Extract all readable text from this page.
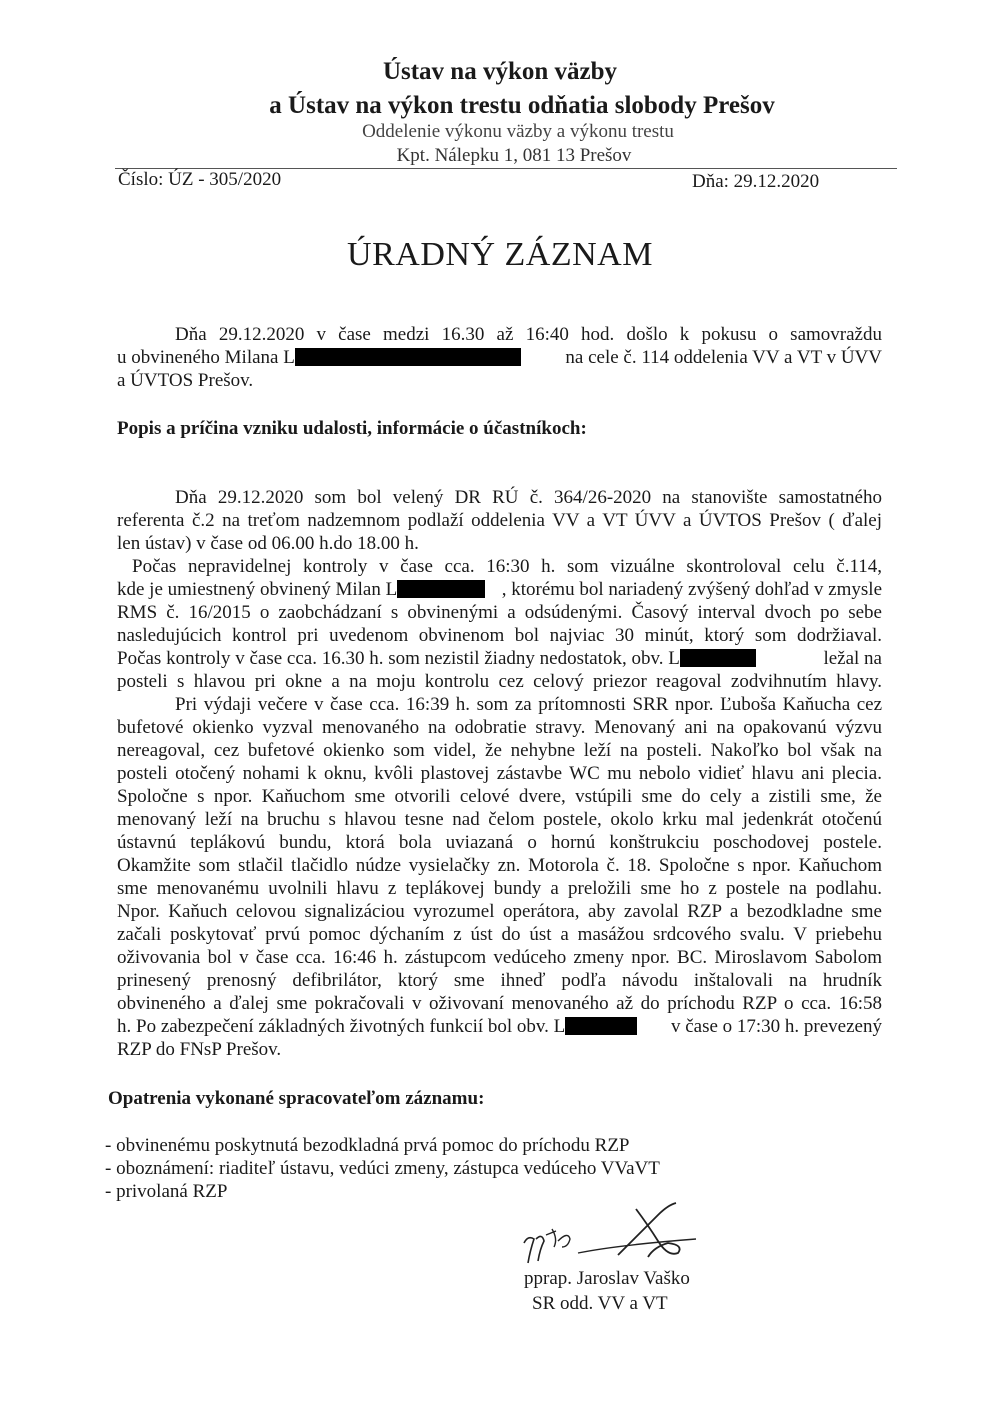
Ústav na výkon väzby
a Ústav na výkon trestu odňatia slobody Prešov
Oddelenie výkonu väzby a výkonu trestu
Kpt. Nálepku 1, 081 13 Prešov
Číslo: ÚZ - 305/2020	Dňa: 29.12.2020
ÚRADNÝ ZÁZNAM
Dňa 29.12.2020 v čase medzi 16.30 až 16:40 hod. došlo k pokusu o samovraždu
u obvineného Milana L	na cele č. 114 oddelenia VV a VT v ÚVV
a ÚVTOS Prešov.
Popis a príčina vzniku udalosti, informácie o účastníkoch:
Dňa 29.12.2020 som bol velený DR RÚ č. 364/26-2020 na stanovište samostatného
referenta č.2 na treťom nadzemnom podlaží oddelenia VV a VT ÚVV a ÚVTOS Prešov ( ďalej
len ústav) v čase od 06.00 h.do 18.00 h.
Počas nepravidelnej kontroly v čase cca. 16:30 h. som vizuálne skontroloval celu č.114,
kde je umiestnený obvinený Milan L	, ktorému bol nariadený zvýšený dohľad v zmysle
RMS č. 16/2015 o zaobchádzaní s obvinenými a odsúdenými. Časový interval dvoch po sebe
nasledujúcich kontrol pri uvedenom obvinenom bol najviac 30 minút, ktorý som dodržiaval.
Počas kontroly v čase cca. 16.30 h. som nezistil žiadny nedostatok, obv. L	ležal na
posteli s hlavou pri okne a na moju kontrolu cez celový priezor reagoval zodvihnutím hlavy.
Pri výdaji večere v čase cca. 16:39 h. som za prítomnosti SRR npor. Ľuboša Kaňucha cez
bufetové okienko vyzval menovaného na odobratie stravy. Menovaný ani na opakovanú výzvu
nereagoval, cez bufetové okienko som videl, že nehybne leží na posteli. Nakoľko bol však na
posteli otočený nohami k oknu, kvôli plastovej zástavbe WC mu nebolo vidieť hlavu ani plecia.
Spoločne s npor. Kaňuchom sme otvorili celové dvere, vstúpili sme do cely a zistili sme, že
menovaný leží na bruchu s hlavou tesne nad čelom postele, okolo krku mal jedenkrát otočenú
ústavnú teplákovú bundu, ktorá bola uviazaná o hornú konštrukciu poschodovej postele.
Okamžite som stlačil tlačidlo núdze vysielačky zn. Motorola č. 18. Spoločne s npor. Kaňuchom
sme menovanému uvolnili hlavu z teplákovej bundy a preložili sme ho z postele na podlahu.
Npor. Kaňuch celovou signalizáciou vyrozumel operátora, aby zavolal RZP a bezodkladne sme
začali poskytovať prvú pomoc dýchaním z úst do úst a masážou srdcového svalu. V priebehu
oživovania bol v čase cca. 16:46 h. zástupcom vedúceho zmeny npor. BC. Miroslavom Sabolom
prinesený prenosný defibrilátor, ktorý sme ihneď podľa návodu inštalovali na hrudník
obvineného a ďalej sme pokračovali v oživovaní menovaného až do príchodu RZP o cca. 16:58
h. Po zabezpečení základných životných funkcií bol obv. L	v čase o 17:30 h. prevezený
RZP do FNsP Prešov.
Opatrenia vykonané spracovateľom záznamu:
- obvinenému poskytnutá bezodkladná prvá pomoc do príchodu RZP
- oboznámení: riaditeľ ústavu, vedúci zmeny, zástupca vedúceho VVaVT
- privolaná RZP
pprap. Jaroslav Vaško
SR odd. VV a VT
